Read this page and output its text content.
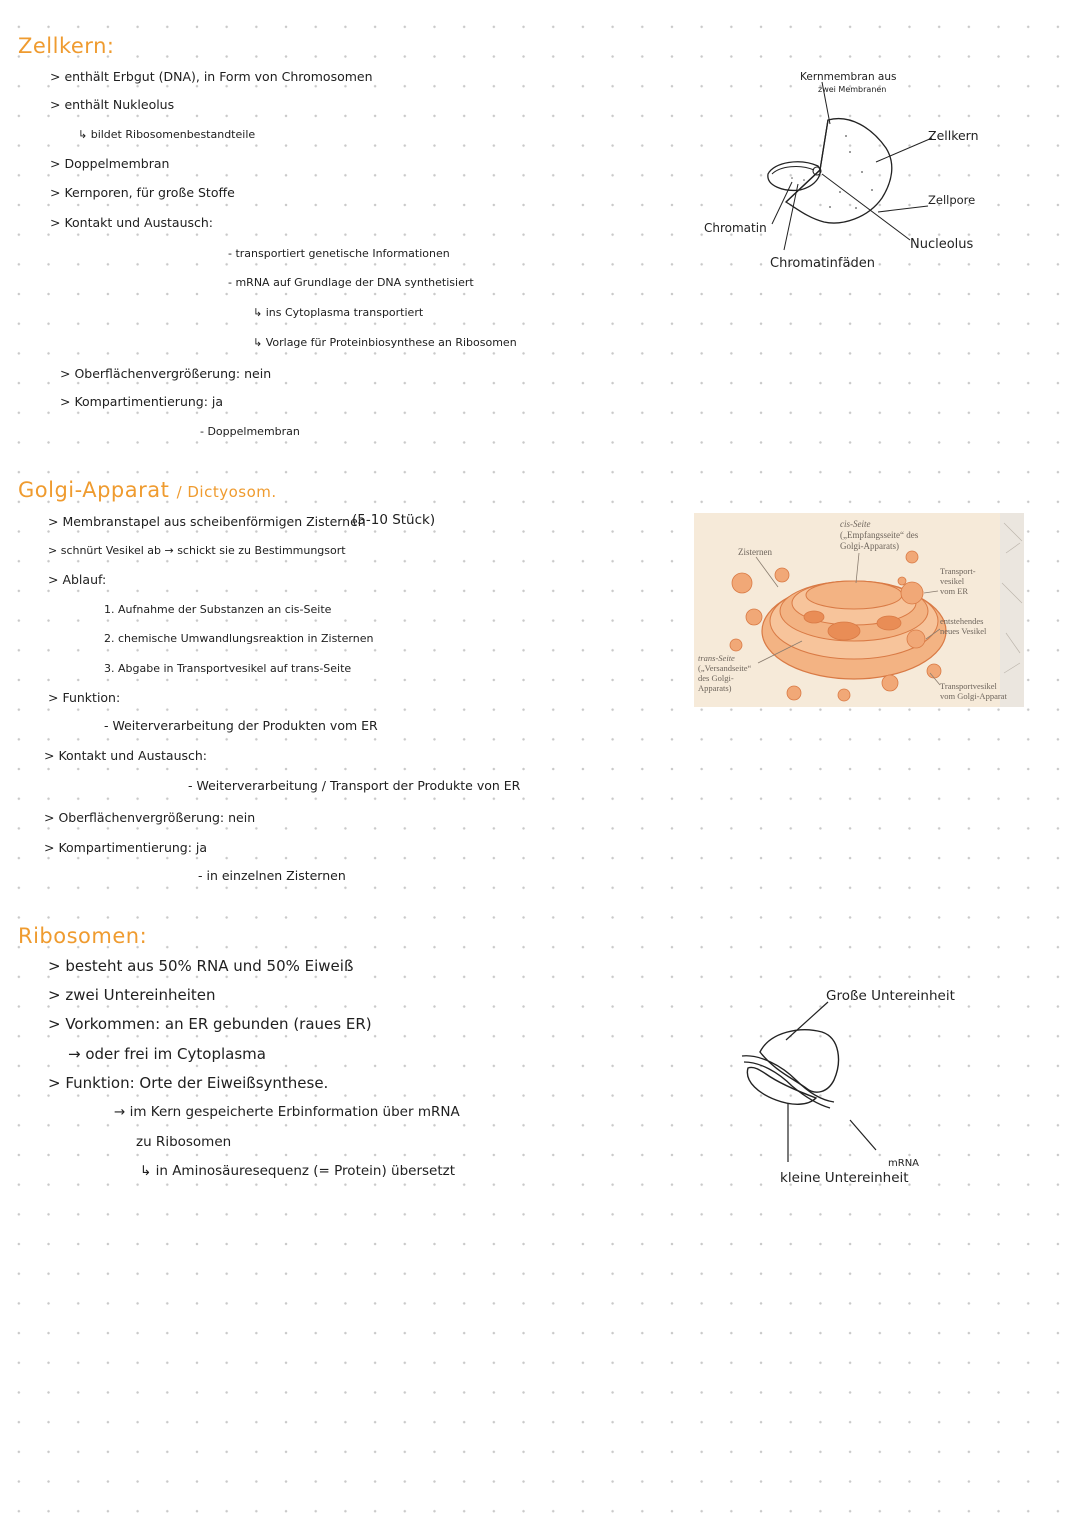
Zellkern:
> enthält Erbgut (DNA), in Form von Chromosomen
> enthält Nukleolus
↳ bildet Ribosomenbestandteile
> Doppelmembran
> Kernporen, für große Stoffe
> Kontakt und Austausch:
- transportiert genetische Informationen
- mRNA auf Grundlage der DNA synthetisiert
↳ ins Cytoplasma transportiert
↳ Vorlage für Proteinbiosynthese an Ribosomen
> Oberflächenvergrößerung: nein
> Kompartimentierung: ja
- Doppelmembran
Kernmembran aus
zwei Membranen
Zellkern
Zellpore
Chromatin
Nucleolus
Chromatinfäden
Golgi-Apparat / Dictyosom.
> Membranstapel aus scheibenförmigen Zisternen
(5-10 Stück)
> schnürt Vesikel ab → schickt sie zu Bestimmungsort
> Ablauf:
1. Aufnahme der Substanzen an cis-Seite
2. chemische Umwandlungsreaktion in Zisternen
3. Abgabe in Transportvesikel auf trans-Seite
> Funktion:
- Weiterverarbeitung der Produkten vom ER
> Kontakt und Austausch:
- Weiterverarbeitung / Transport der Produkte von ER
> Oberflächenvergrößerung: nein
> Kompartimentierung: ja
- in einzelnen Zisternen
cis-Seite
(„Empfangsseite“ des
Golgi-Apparats)
Zisternen
Transport-
vesikel
vom ER
entstehendes
neues Vesikel
trans-Seite
(„Versandseite“
des Golgi-
Apparats)	Transportvesikel
vom Golgi-Apparat
Ribosomen:
> besteht aus 50% RNA und 50% Eiweiß
> zwei Untereinheiten
> Vorkommen: an ER gebunden (raues ER)
→ oder frei im Cytoplasma
> Funktion: Orte der Eiweißsynthese.
→ im Kern gespeicherte Erbinformation über mRNA
zu Ribosomen
↳ in Aminosäuresequenz (= Protein) übersetzt
Große Untereinheit
kleine Untereinheit
mRNA
